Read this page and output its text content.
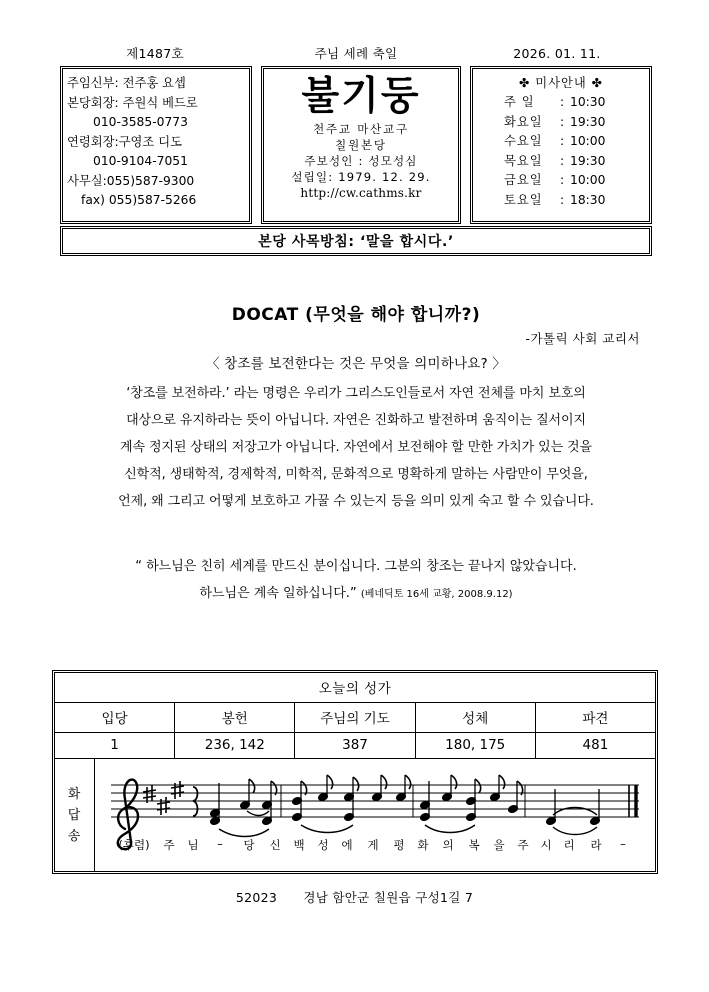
제1487호	주님 세례 축일	2026. 01. 11.
주임신부: 전주홍 요셉
본당회장: 주원식 베드로
010-3585-0773
연령회장:구영조 디도
010-9104-7051
사무실:055)587-9300
fax) 055)587-5266
불기둥
천주교 마산교구
칠원본당
주보성인 : 성모성심
설립일: 1979. 12. 29.
http://cw.cathms.kr
✤ 미사안내 ✤
주 일	: 10:30
화요일	: 19:30
수요일	: 10:00
목요일	: 19:30
금요일	: 10:00
토요일	: 18:30
본당 사목방침: ‘말을 합시다.’
DOCAT (무엇을 해야 합니까?)
-가톨릭 사회 교리서
〈 창조를 보전한다는 것은 무엇을 의미하나요? 〉
‘창조를 보전하라.’ 라는 명령은 우리가 그리스도인들로서 자연 전체를 마치 보호의
대상으로 유지하라는 뜻이 아닙니다. 자연은 진화하고 발전하며 움직이는 질서이지
계속 정지된 상태의 저장고가 아닙니다. 자연에서 보전해야 할 만한 가치가 있는 것을
신학적, 생태학적, 경제학적, 미학적, 문화적으로 명확하게 말하는 사람만이 무엇을,
언제, 왜 그리고 어떻게 보호하고 가꿀 수 있는지 등을 의미 있게 숙고 할 수 있습니다.
“ 하느님은 친히 세계를 만드신 분이십니다. 그분의 창조는 끝나지 않았습니다.
하느님은 계속 일하십니다.” (베네딕토 16세 교황, 2008.9.12)
오늘의 성가
입당	봉헌	주님의 기도	성체	파견
1	236, 142	387	180, 175	481
화
답
송
(후렴)	주	님	–	당	신	백	성	에	게	평	화	의	복	을	주	시	리	라	–
52023 경남 함안군 칠원읍 구성1길 7
